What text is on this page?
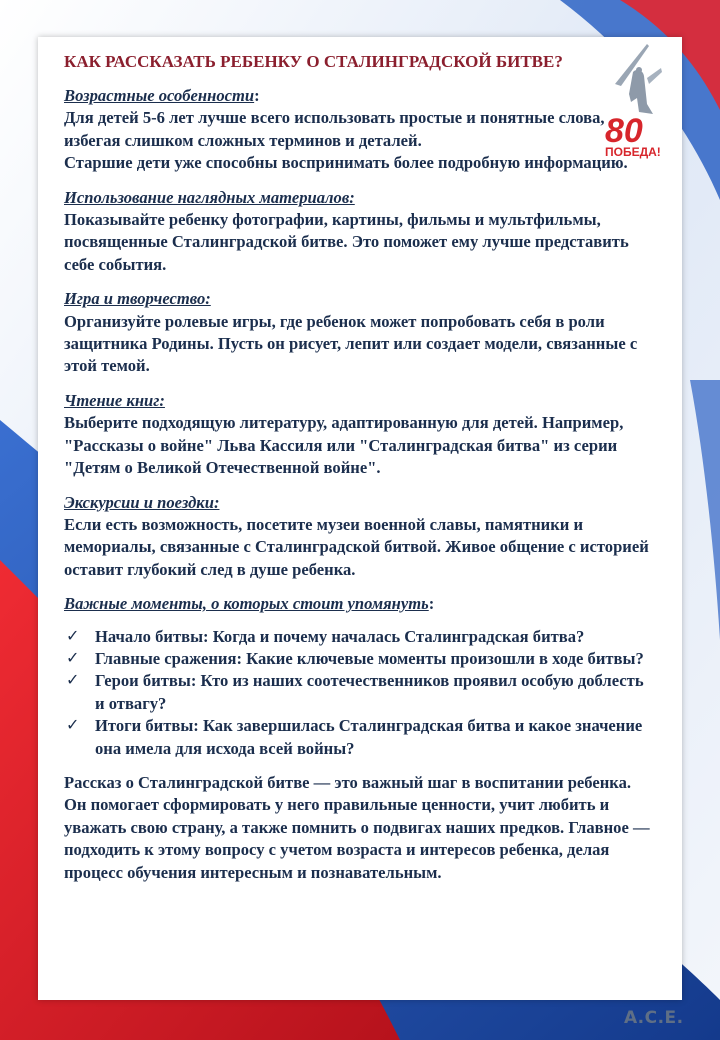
КАК РАССКАЗАТЬ РЕБЕНКУ О СТАЛИНГРАДСКОЙ БИТВЕ?

Возрастные особенности:

Для детей 5-6 лет лучше всего использовать простые и понятные слова, избегая слишком сложных терминов и деталей.

Старшие дети уже способны воспринимать более подробную информацию.

Использование наглядных материалов:

Показывайте ребенку фотографии, картины, фильмы и мультфильмы, посвященные Сталинградской битве. Это поможет ему лучше представить себе события.

Игра и творчество:

Организуйте ролевые игры, где ребенок может попробовать себя в роли защитника Родины. Пусть он рисует, лепит или создает модели, связанные с этой темой.

Чтение книг:

Выберите подходящую литературу, адаптированную для детей. Например, "Рассказы о войне" Льва Кассиля или "Сталинградская битва" из серии "Детям о Великой Отечественной войне".

Экскурсии и поездки:

Если есть возможность, посетите музеи военной славы, памятники и мемориалы, связанные с Сталинградской битвой. Живое общение с историей оставит глубокий след в душе ребенка.

Важные моменты, о которых стоит упомянуть:

✓ Начало битвы: Когда и почему началась Сталинградская битва?
✓ Главные сражения: Какие ключевые моменты произошли в ходе битвы?
✓ Герои битвы: Кто из наших соотечественников проявил особую доблесть и отвагу?
✓ Итоги битвы: Как завершилась Сталинградская битва и какое значение она имела для исхода всей войны?

Рассказ о Сталинградской битве — это важный шаг в воспитании ребенка. Он помогает сформировать у него правильные ценности, учит любить и уважать свою страну, а также помнить о подвигах наших предков. Главное — подходить к этому вопросу с учетом возраста и интересов ребенка, делая процесс обучения интересным и познавательным.

80
ПОБЕДА!
А.С.Е.
